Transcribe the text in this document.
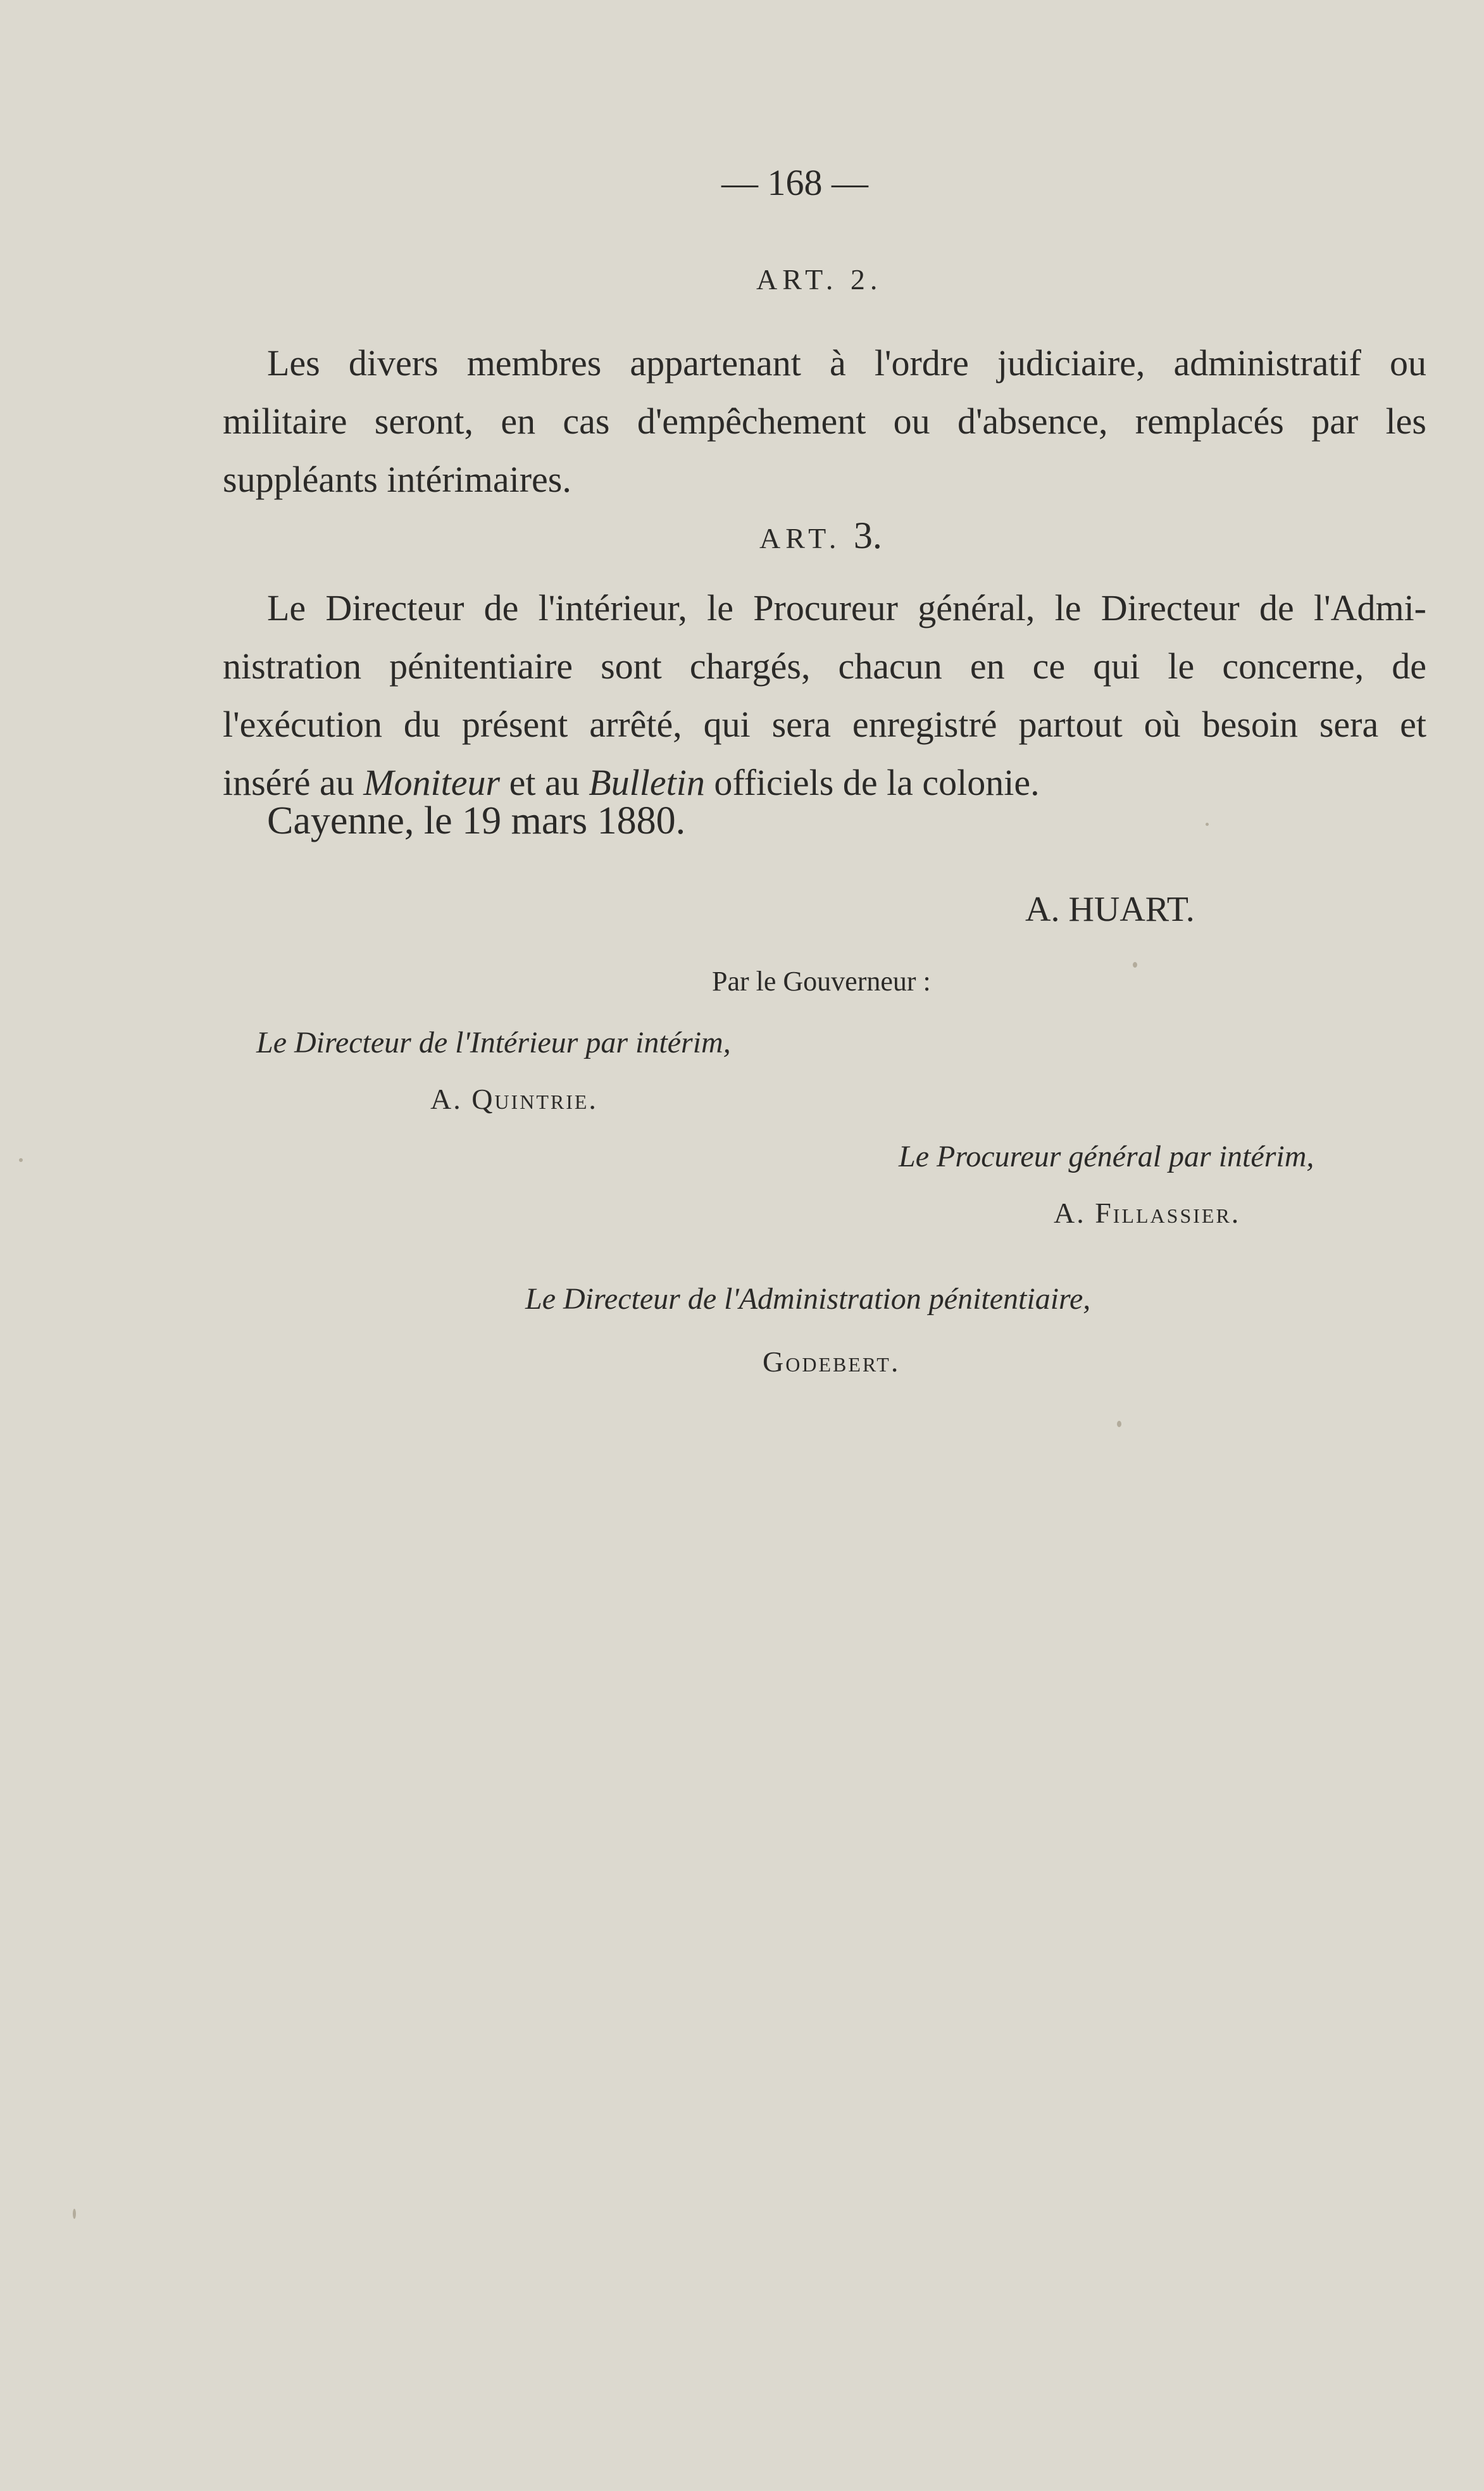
— 168 —
ART. 2.
Les divers membres appartenant à l'ordre judiciaire, administratif ou
militaire seront, en cas d'empêchement ou d'absence, remplacés par les
suppléants intérimaires.
ART. 3.
Le Directeur de l'intérieur, le Procureur général, le Directeur de l'Admi-
nistration pénitentiaire sont chargés, chacun en ce qui le concerne, de
l'exécution du présent arrêté, qui sera enregistré partout où besoin sera et
inséré au Moniteur et au Bulletin officiels de la colonie.
Cayenne, le 19 mars 1880.
A. HUART.
Par le Gouverneur :
Le Directeur de l'Intérieur par intérim,
A. Quintrie.
Le Procureur général par intérim,
A. Fillassier.
Le Directeur de l'Administration pénitentiaire,
Godebert.
